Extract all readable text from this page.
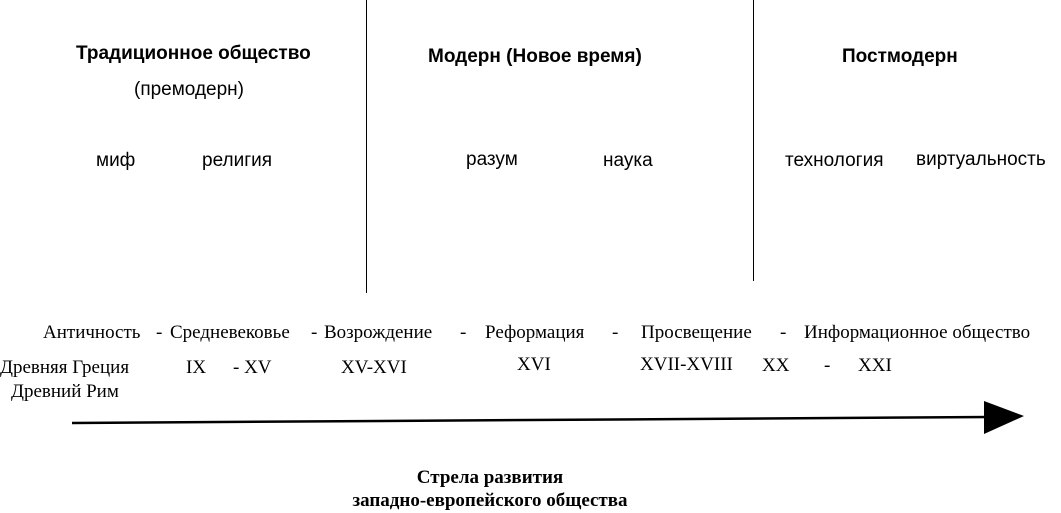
Традиционное общество
(премодерн)
Модерн (Новое время)	Постмодерн
миф	религия	разум	наука	технология виртуальность
Античность - Средневековье - Возрождение - Реформация - Просвещение - Информационное общество
Древняя Греция
Древний Рим
IX - XV	XV-XVI	XVI	XVII-XVIII XX - XXI
Стрела развития
западно-европейского общества
